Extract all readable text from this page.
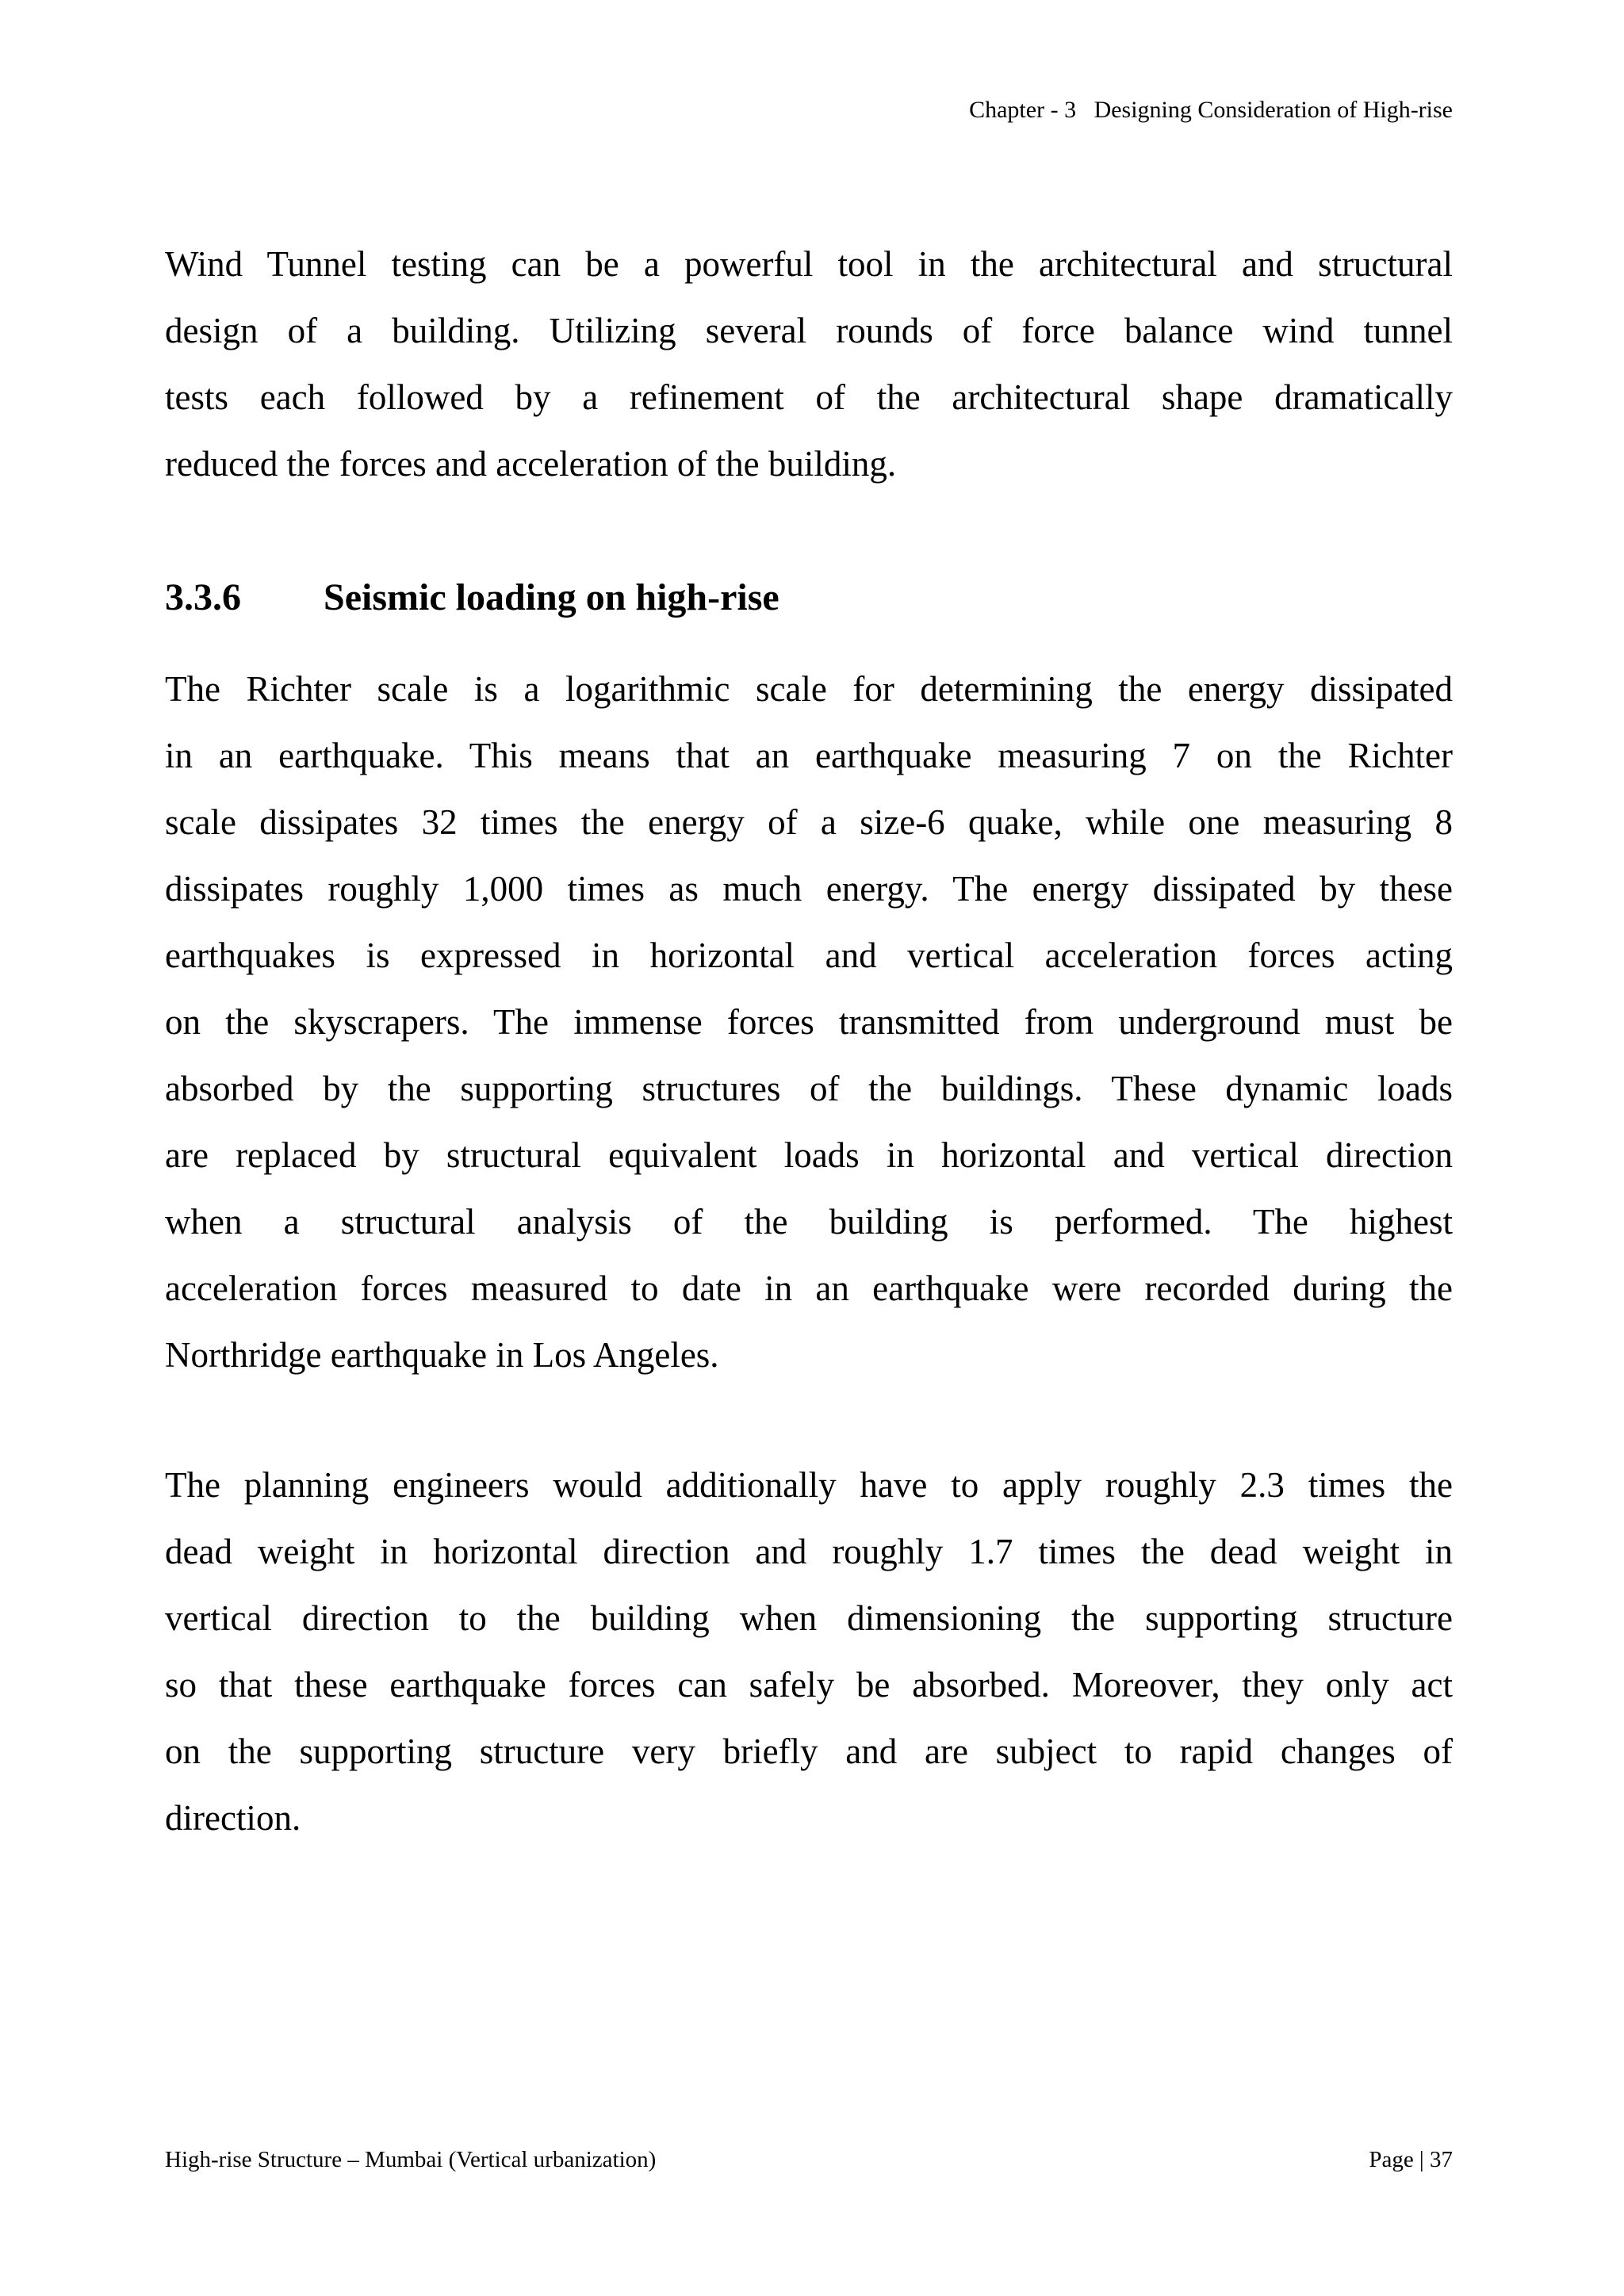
Chapter - 3   Designing Consideration of High-rise
Wind Tunnel testing can be a powerful tool in the architectural and structural
design of a building. Utilizing several rounds of force balance wind tunnel
tests each followed by a refinement of the architectural shape dramatically
reduced the forces and acceleration of the building.
3.3.6 Seismic loading on high-rise
The Richter scale is a logarithmic scale for determining the energy dissipated
in an earthquake. This means that an earthquake measuring 7 on the Richter
scale dissipates 32 times the energy of a size-6 quake, while one measuring 8
dissipates roughly 1,000 times as much energy. The energy dissipated by these
earthquakes is expressed in horizontal and vertical acceleration forces acting
on the skyscrapers. The immense forces transmitted from underground must be
absorbed by the supporting structures of the buildings. These dynamic loads
are replaced by structural equivalent loads in horizontal and vertical direction
when a structural analysis of the building is performed. The highest
acceleration forces measured to date in an earthquake were recorded during the
Northridge earthquake in Los Angeles.
The planning engineers would additionally have to apply roughly 2.3 times the
dead weight in horizontal direction and roughly 1.7 times the dead weight in
vertical direction to the building when dimensioning the supporting structure
so that these earthquake forces can safely be absorbed. Moreover, they only act
on the supporting structure very briefly and are subject to rapid changes of
direction.
High-rise Structure – Mumbai (Vertical urbanization)	Page | 37
